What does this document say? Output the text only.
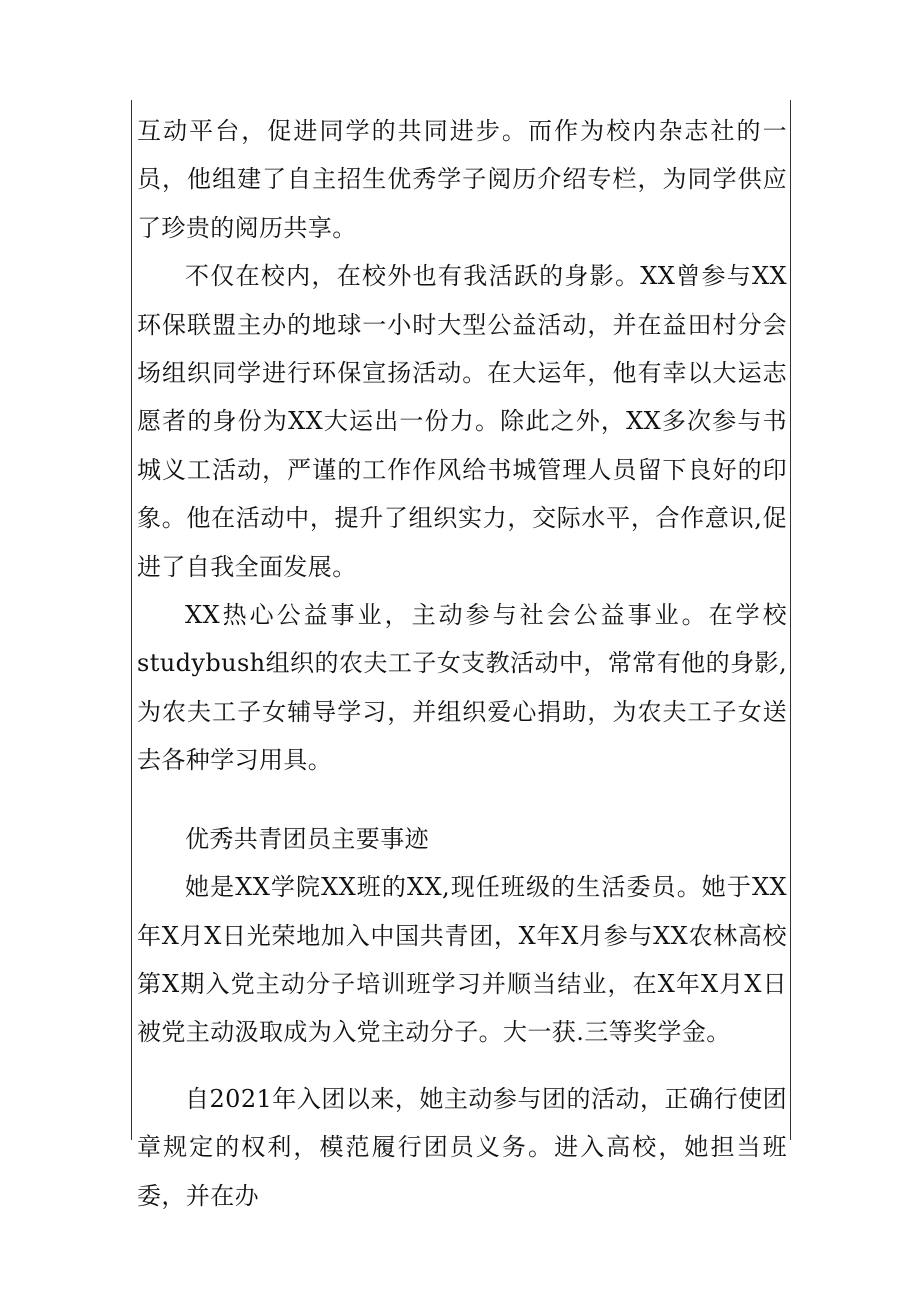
互动平台，促进同学的共同进步。而作为校内杂志社的一员，他组建了自主招生优秀学子阅历介绍专栏，为同学供应了珍贵的阅历共享。

不仅在校内，在校外也有我活跃的身影。XX曾参与XX环保联盟主办的地球一小时大型公益活动，并在益田村分会场组织同学进行环保宣扬活动。在大运年，他有幸以大运志愿者的身份为XX大运出一份力。除此之外，XX多次参与书城义工活动，严谨的工作作风给书城管理人员留下良好的印象。他在活动中，提升了组织实力，交际水平，合作意识,促进了自我全面发展。

XX热心公益事业，主动参与社会公益事业。在学校studybush组织的农夫工子女支教活动中，常常有他的身影,为农夫工子女辅导学习，并组织爱心捐助，为农夫工子女送去各种学习用具。

优秀共青团员主要事迹

她是XX学院XX班的XX,现任班级的生活委员。她于XX年X月X日光荣地加入中国共青团，X年X月参与XX农林高校第X期入党主动分子培训班学习并顺当结业，在X年X月X日被党主动汲取成为入党主动分子。大一获.三等奖学金。

自2021年入团以来，她主动参与团的活动，正确行使团章规定的权利，模范履行团员义务。进入高校，她担当班委，并在办
